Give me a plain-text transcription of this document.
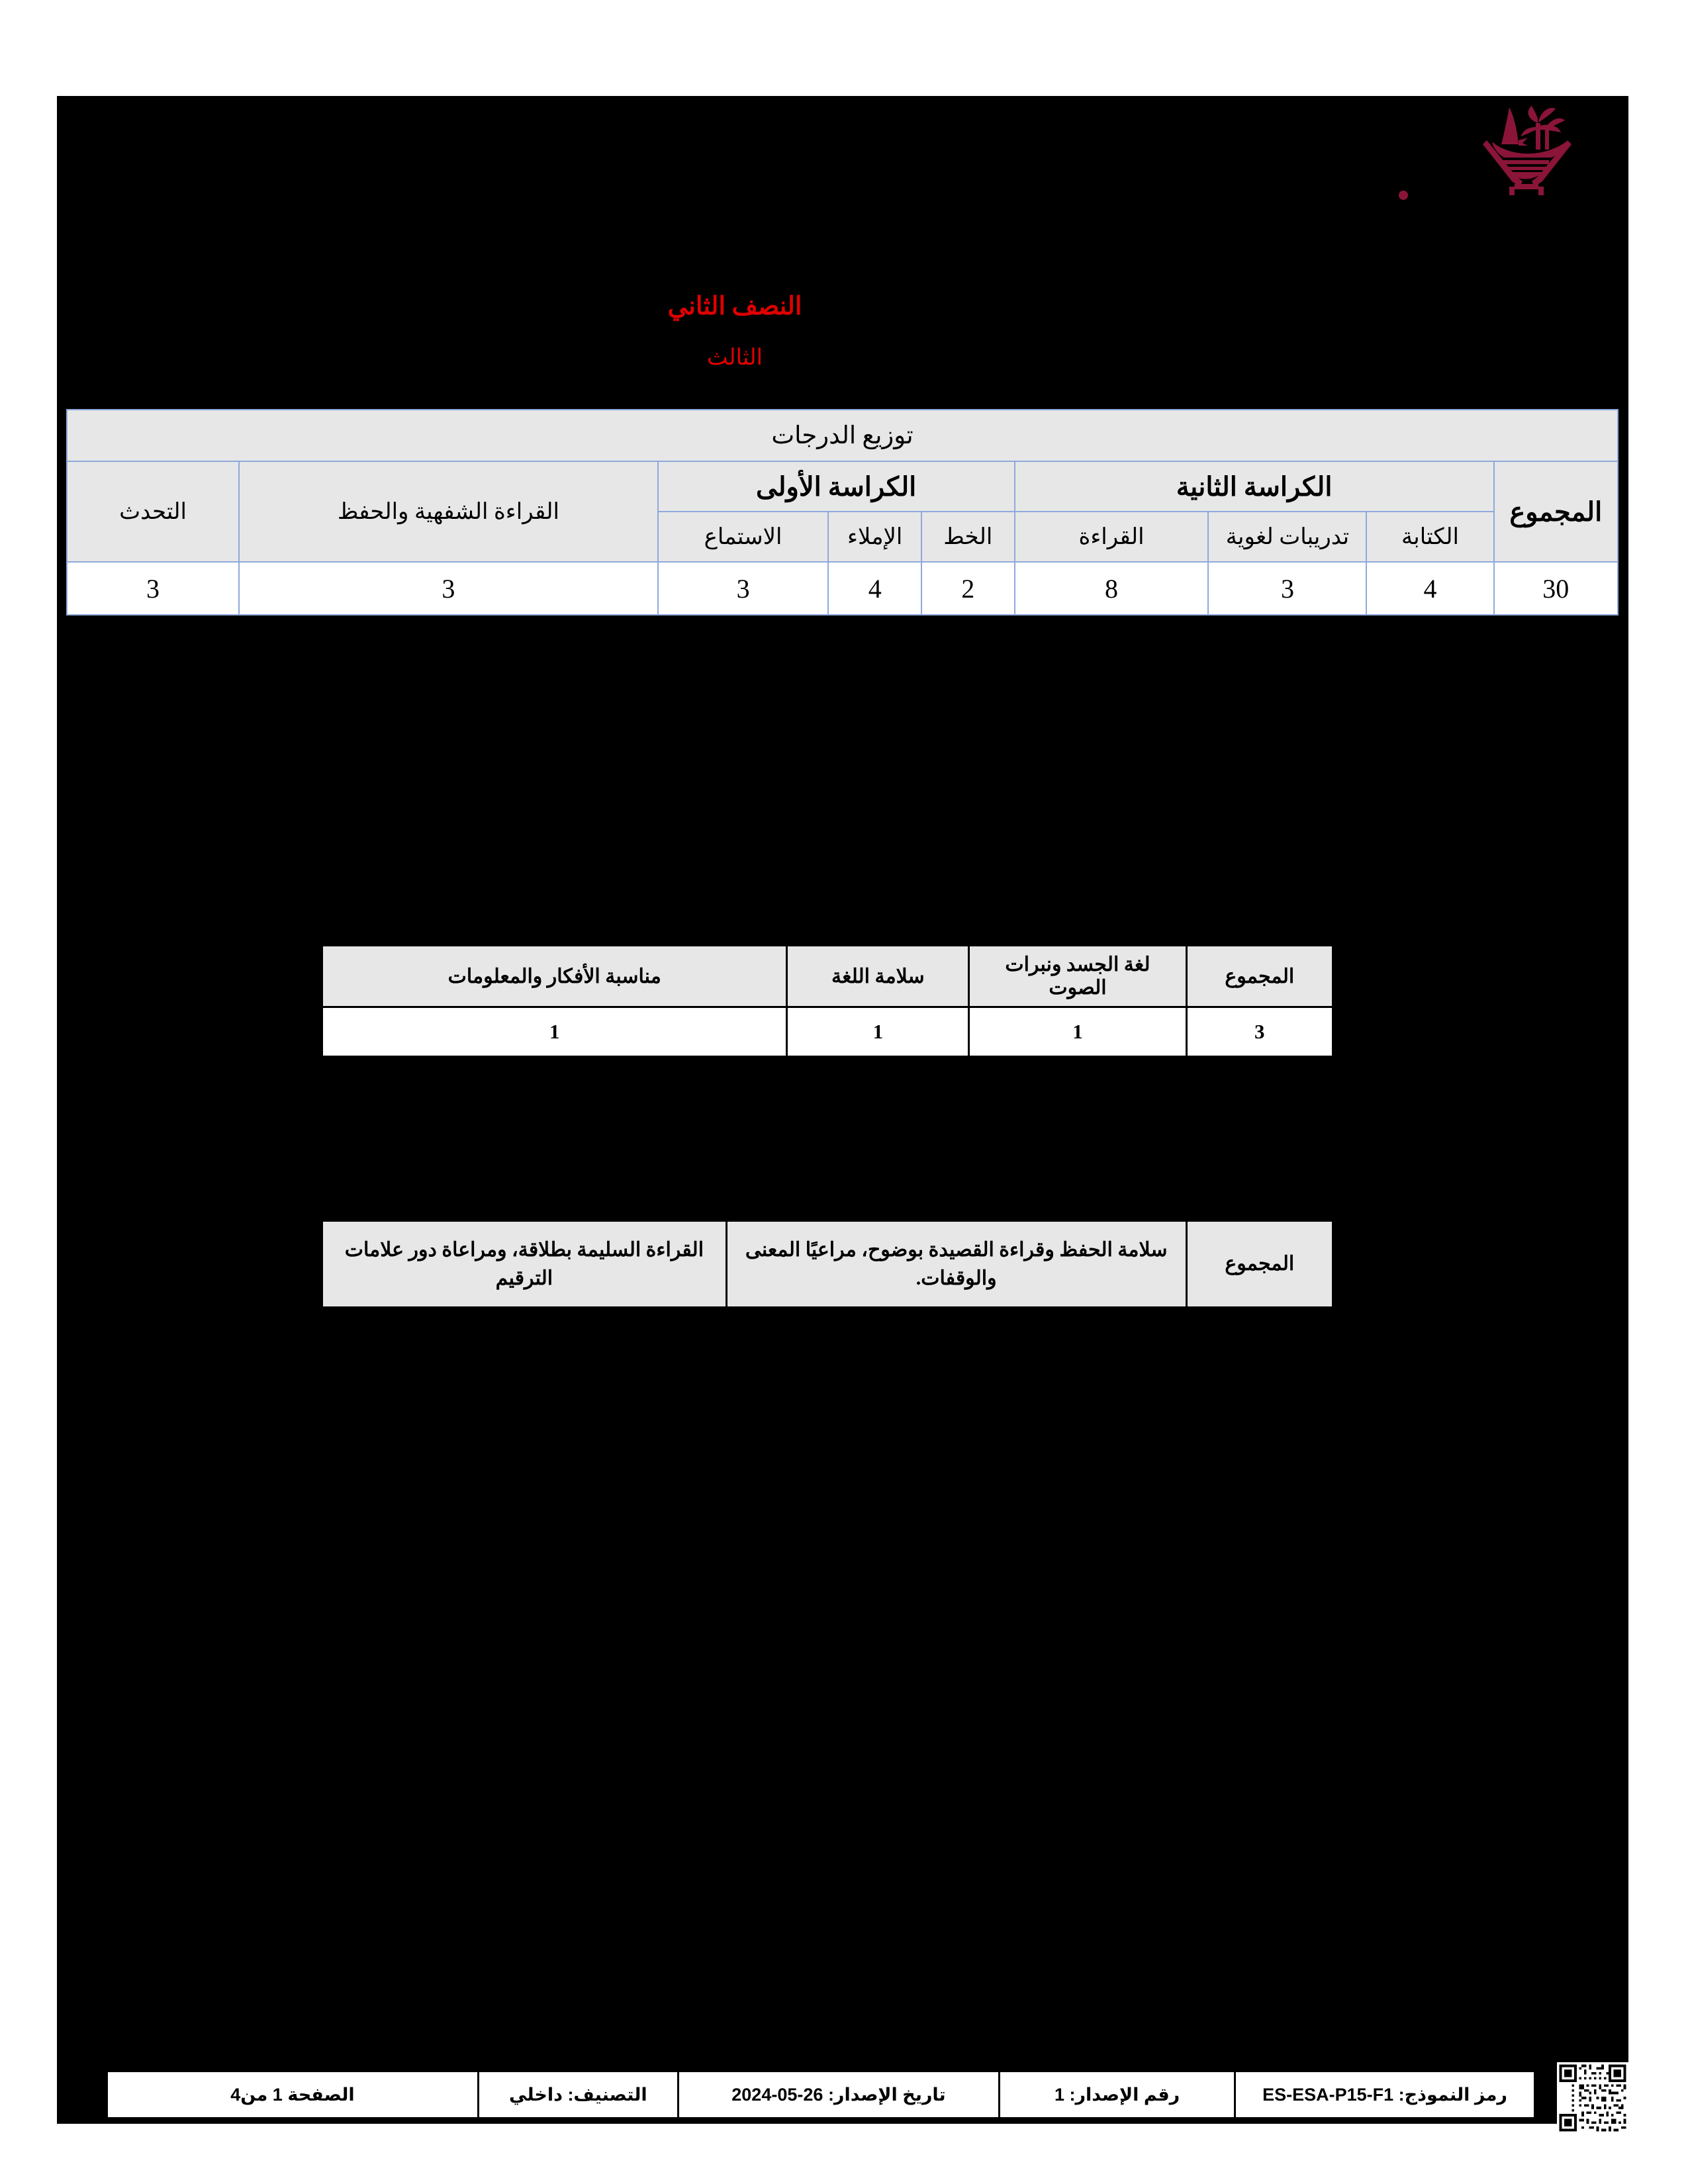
النصف الثاني
الثالث
توزيع الدرجات								
المجموع	الكراسة الثانية			الكراسة الأولى			القراءة الشفهية والحفظ	التحدث
	الكتابة	تدريبات لغوية	القراءة	الخط	الإملاء	الاستماع		
30	4	3	8	2	4	3	3	3
المجموع	لغة الجسد ونبرات الصوت	سلامة اللغة	مناسبة الأفكار والمعلومات
3	1	1	1
المجموع	سلامة الحفظ وقراءة القصيدة بوضوح، مراعيًا المعنى والوقفات.	القراءة السليمة بطلاقة، ومراعاة دور علامات الترقيم
رمز النموذج: ES-ESA-P15-F1	رقم الإصدار: 1	تاريخ الإصدار: 26-05-2024	التصنيف: داخلي	الصفحة 1 من4
